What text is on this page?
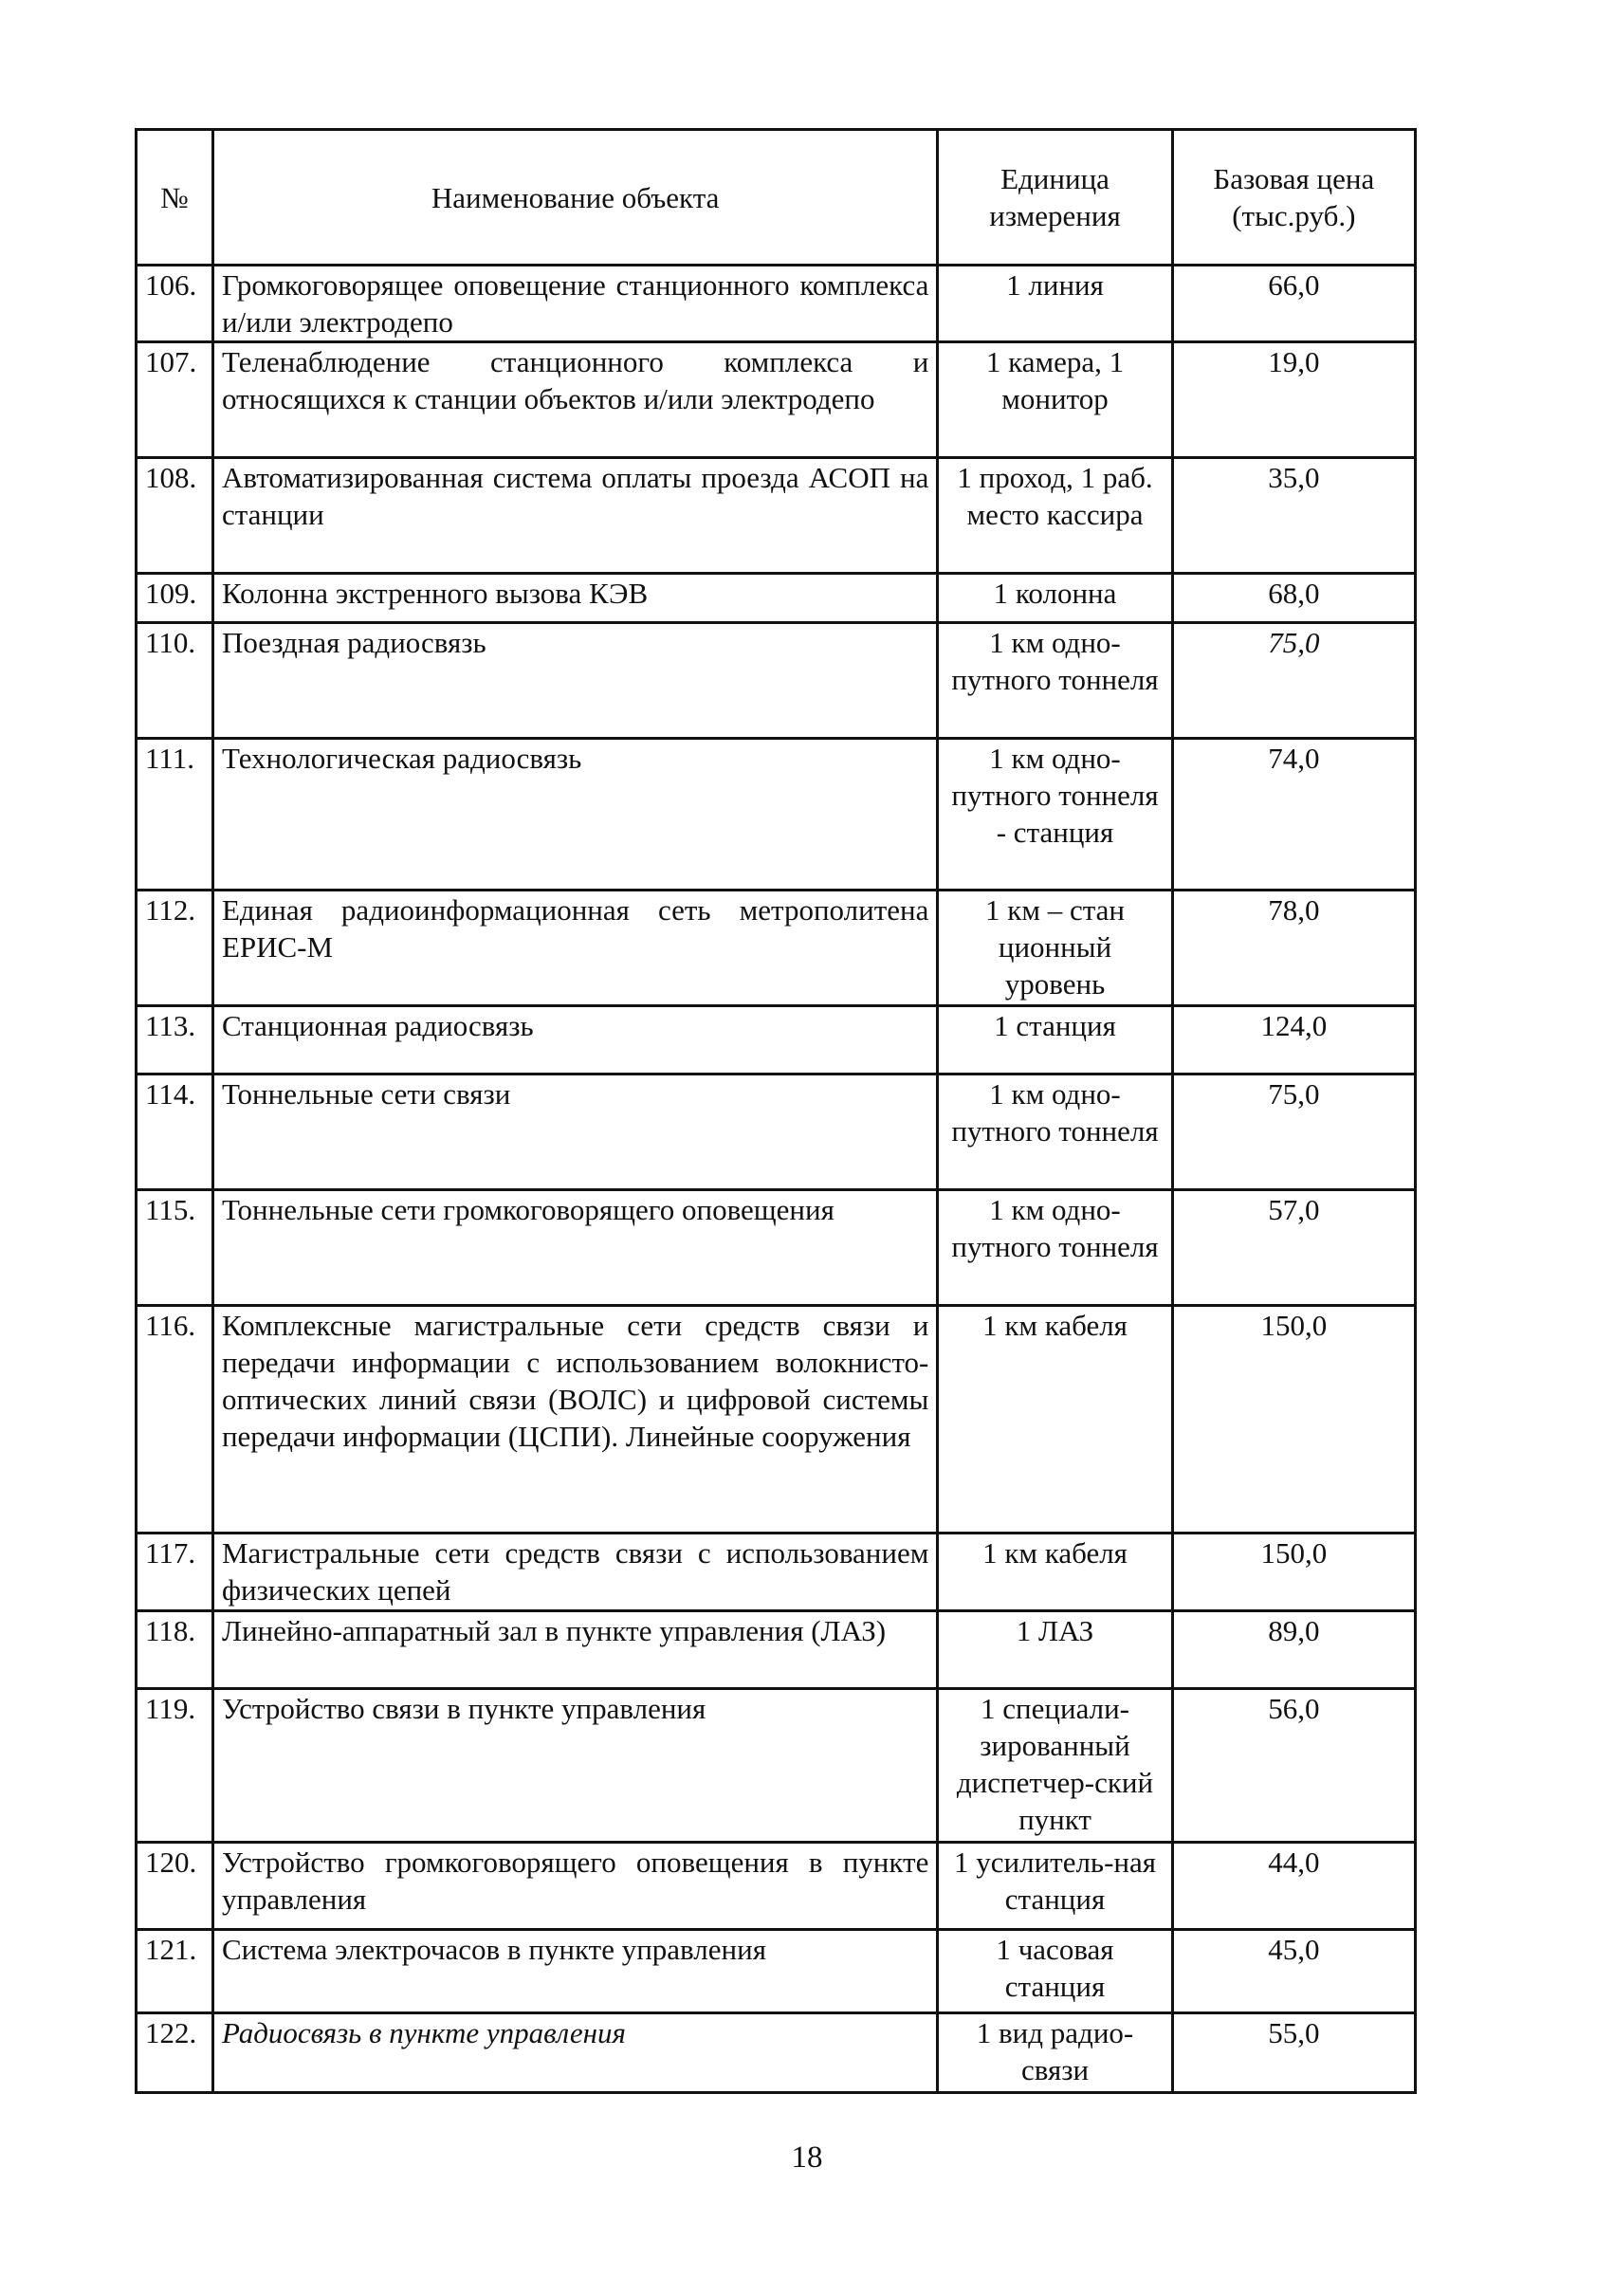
№	Наименование объекта	Единица измерения	Базовая цена (тыс.руб.)
106.	Громкоговорящее оповещение станционного комплекса и/или электродепо	1 линия	66,0
107.	Теленаблюдение станционного комплекса и относящихся к станции объектов и/или электродепо	1 камера, 1 монитор	19,0
108.	Автоматизированная система оплаты проезда АСОП на станции	1 проход, 1 раб. место кассира	35,0
109.	Колонна экстренного вызова КЭВ	1 колонна	68,0
110.	Поездная радиосвязь	1 км одно-путного тоннеля	75,0
111.	Технологическая радиосвязь	1 км одно-путного тоннеля - станция	74,0
112.	Единая радиоинформационная сеть метрополитена ЕРИС-М	1 км – стан ционный уровень	78,0
113.	Станционная радиосвязь	1 станция	124,0
114.	Тоннельные сети связи	1 км одно-путного тоннеля	75,0
115.	Тоннельные сети громкоговорящего оповещения	1 км одно-путного тоннеля	57,0
116.	Комплексные магистральные сети средств связи и передачи информации с использованием волокнисто-оптических линий связи (ВОЛС) и цифровой системы передачи информации (ЦСПИ). Линейные сооружения	1 км кабеля	150,0
117.	Магистральные сети средств связи с использованием физических цепей	1 км кабеля	150,0
118.	Линейно-аппаратный зал в пункте управления (ЛАЗ)	1 ЛАЗ	89,0
119.	Устройство связи в пункте управления	1 специали-зированный диспетчер-ский пункт	56,0
120.	Устройство громкоговорящего оповещения в пункте управления	1 усилитель-ная станция	44,0
121.	Система электрочасов в пункте управления	1 часовая станция	45,0
122.	Радиосвязь в пункте управления	1 вид радио-связи	55,0
18
